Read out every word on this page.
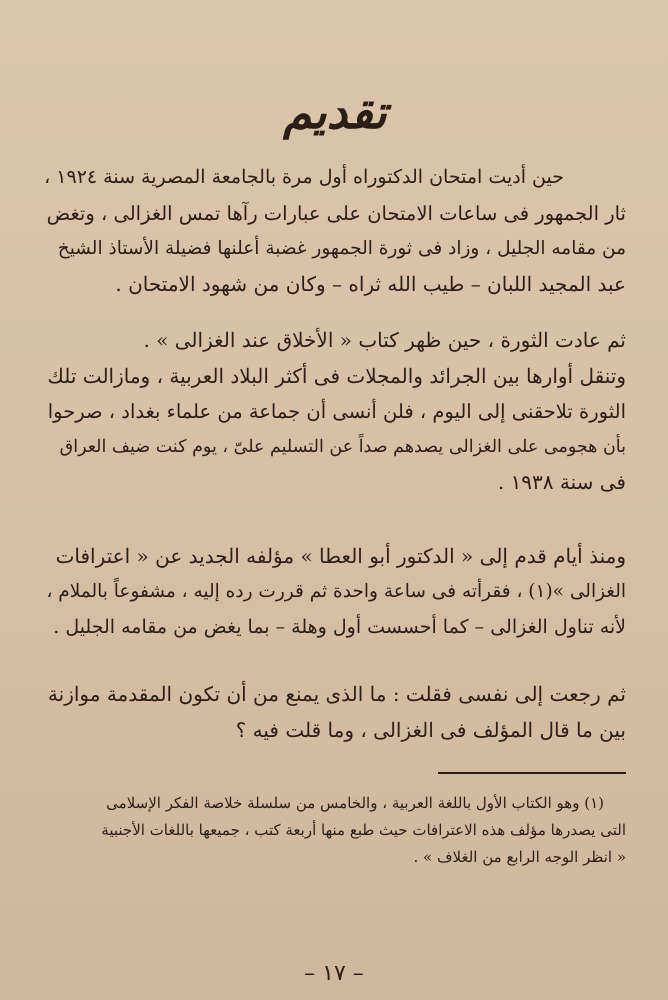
تقديم
حين أديت امتحان الدكتوراه أول مرة بالجامعة المصرية سنة ١٩٢٤ ،
ثار الجمهور فى ساعات الامتحان على عبارات رآها تمس الغزالى ، وتغض
من مقامه الجليل ، وزاد فى ثورة الجمهور غضبة أعلنها فضيلة الأستاذ الشيخ
عبد المجيد اللبان – طيب الله ثراه – وكان من شهود الامتحان .
ثم عادت الثورة ، حين ظهر كتاب « الأخلاق عند الغزالى » .
وتنقل أوارها بين الجرائد والمجلات فى أكثر البلاد العربية ، ومازالت تلك
الثورة تلاحقنى إلى اليوم ، فلن أنسى أن جماعة من علماء بغداد ، صرحوا
بأن هجومى على الغزالى يصدهم صداً عن التسليم علىّ ، يوم كنت ضيف العراق
فى سنة ١٩٣٨ .
ومنذ أيام قدم إلى « الدكتور أبو العطا » مؤلفه الجديد عن « اعترافات
الغزالى »(١) ، فقرأته فى ساعة واحدة ثم قررت رده إليه ، مشفوعاً بالملام ،
لأنه تناول الغزالى – كما أحسست أول وهلة – بما يغض من مقامه الجليل .
ثم رجعت إلى نفسى فقلت : ما الذى يمنع من أن تكون المقدمة موازنة
بين ما قال المؤلف فى الغزالى ، وما قلت فيه ؟
(١) وهو الكتاب الأول باللغة العربية ، والخامس من سلسلة خلاصة الفكر الإسلامى
التى يصدرها مؤلف هذه الاعترافات حيث طبع منها أربعة كتب ، جميعها باللغات الأجنبية
« انظر الوجه الرابع من الغلاف » .
– ١٧ –
